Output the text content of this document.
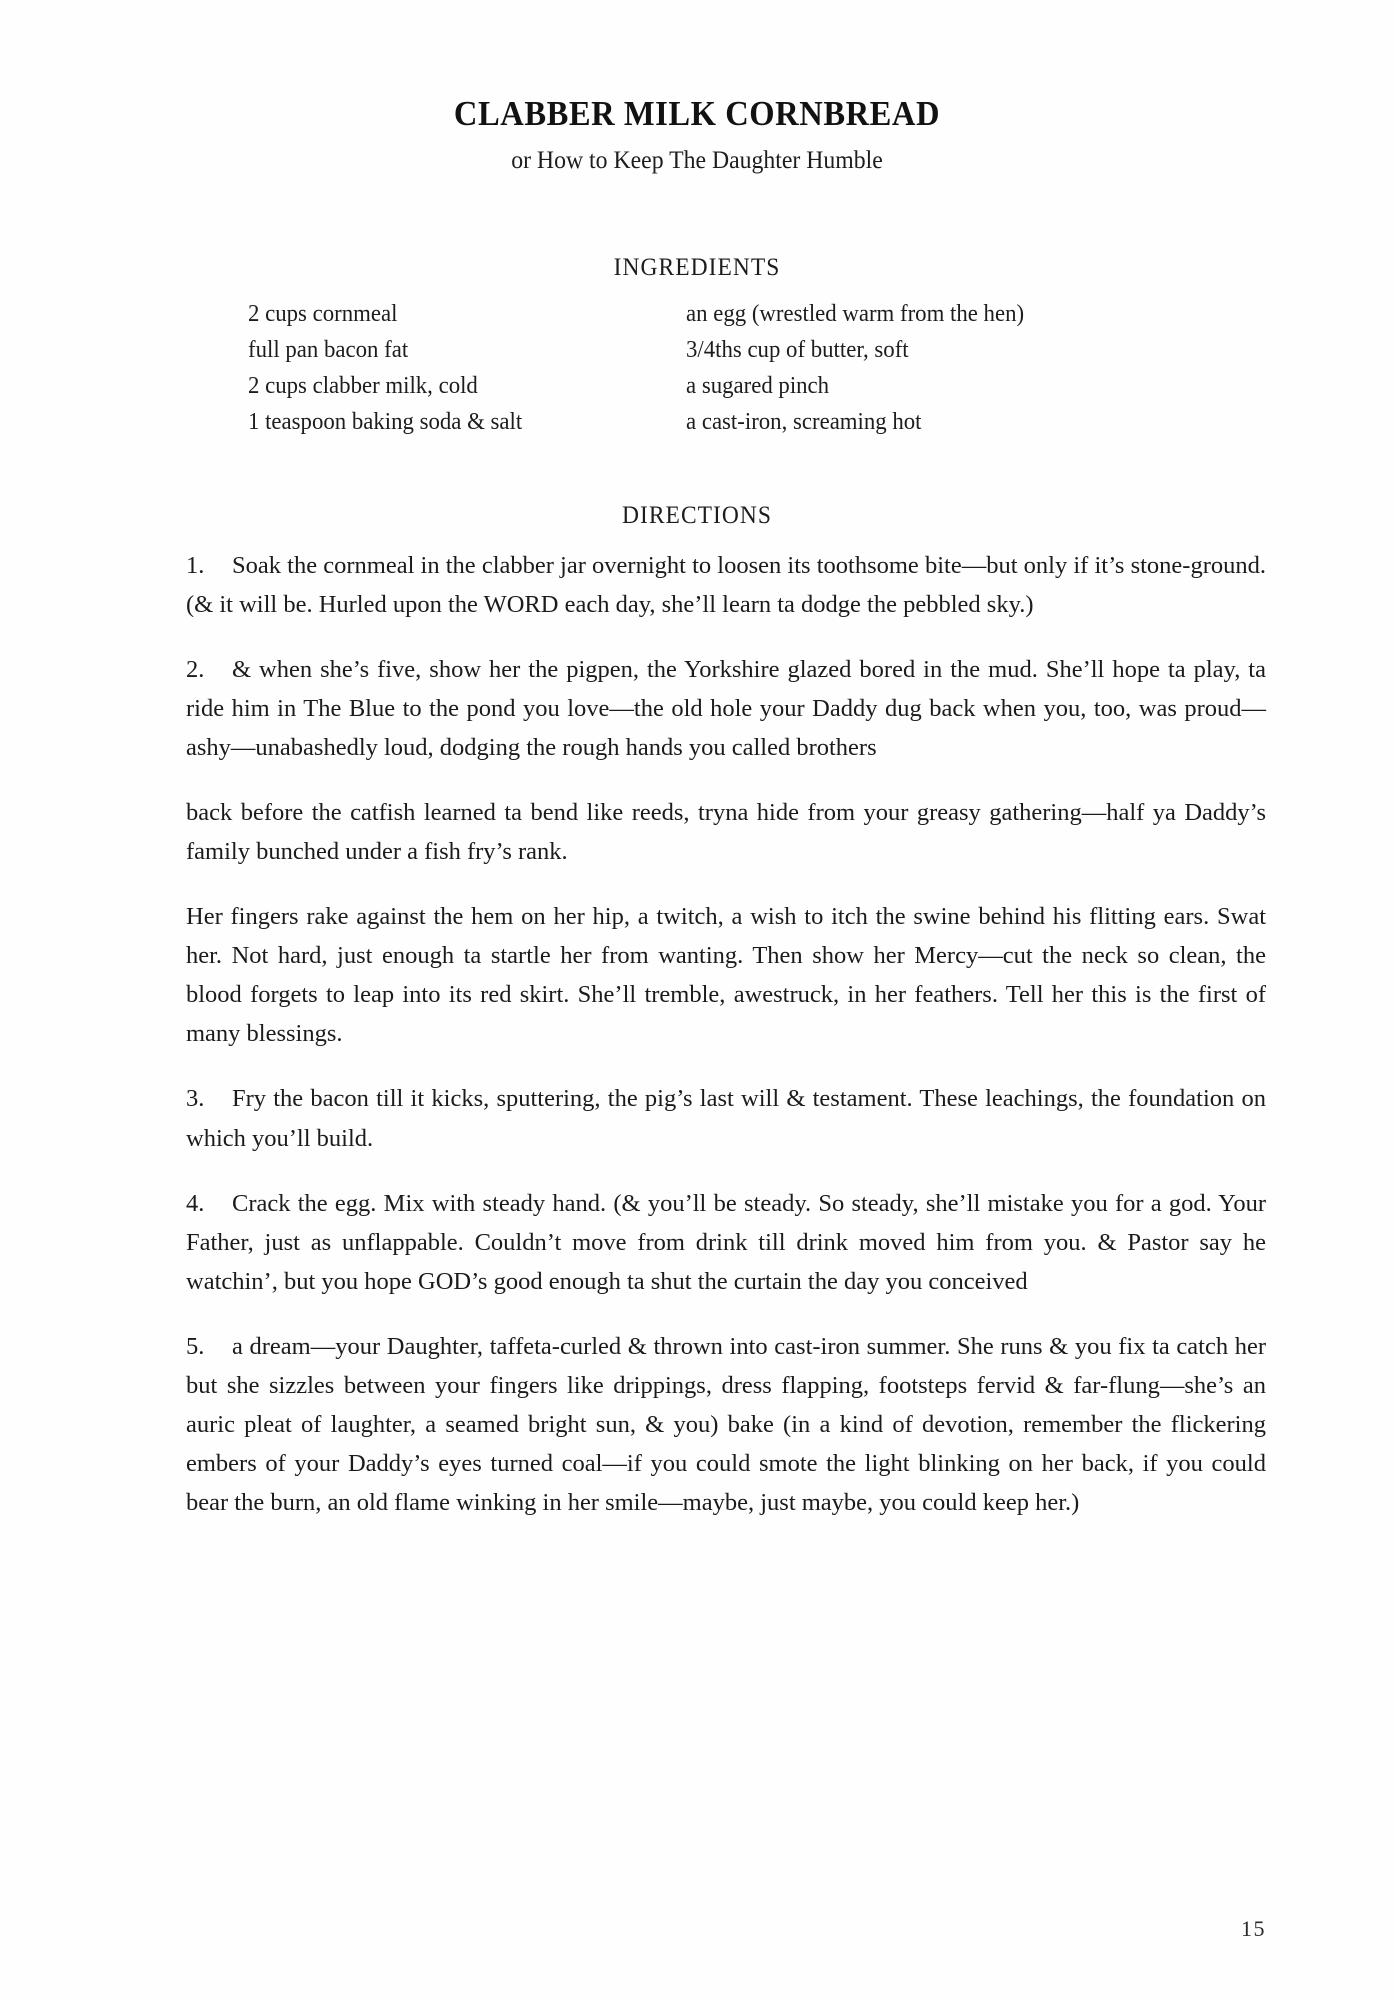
CLABBER MILK CORNBREAD
or How to Keep The Daughter Humble
INGREDIENTS
2 cups cornmeal	an egg (wrestled warm from the hen)
full pan bacon fat	3/4ths cup of butter, soft
2 cups clabber milk, cold	a sugared pinch
1 teaspoon baking soda & salt	a cast-iron, screaming hot
DIRECTIONS

1. Soak the cornmeal in the clabber jar overnight to loosen its toothsome bite—but only if it’s stone-ground. (& it will be. Hurled upon the WORD each day, she’ll learn ta dodge the pebbled sky.)

2. & when she’s five, show her the pigpen, the Yorkshire glazed bored in the mud. She’ll hope ta play, ta ride him in The Blue to the pond you love—the old hole your Daddy dug back when you, too, was proud—ashy—unabashedly loud, dodging the rough hands you called brothers

back before the catfish learned ta bend like reeds, tryna hide from your greasy gathering—half ya Daddy’s family bunched under a fish fry’s rank.

Her fingers rake against the hem on her hip, a twitch, a wish to itch the swine behind his flitting ears. Swat her. Not hard, just enough ta startle her from wanting. Then show her Mercy—cut the neck so clean, the blood forgets to leap into its red skirt. She’ll tremble, awestruck, in her feathers. Tell her this is the first of many blessings.

3. Fry the bacon till it kicks, sputtering, the pig’s last will & testament. These leachings, the foundation on which you’ll build.

4. Crack the egg. Mix with steady hand. (& you’ll be steady. So steady, she’ll mistake you for a god. Your Father, just as unflappable. Couldn’t move from drink till drink moved him from you. & Pastor say he watchin’, but you hope GOD’s good enough ta shut the curtain the day you conceived

5. a dream—your Daughter, taffeta-curled & thrown into cast-iron summer. She runs & you fix ta catch her but she sizzles between your fingers like drippings, dress flapping, footsteps fervid & far-flung—she’s an auric pleat of laughter, a seamed bright sun, & you) bake (in a kind of devotion, remember the flickering embers of your Daddy’s eyes turned coal—if you could smote the light blinking on her back, if you could bear the burn, an old flame winking in her smile—maybe, just maybe, you could keep her.)

15
